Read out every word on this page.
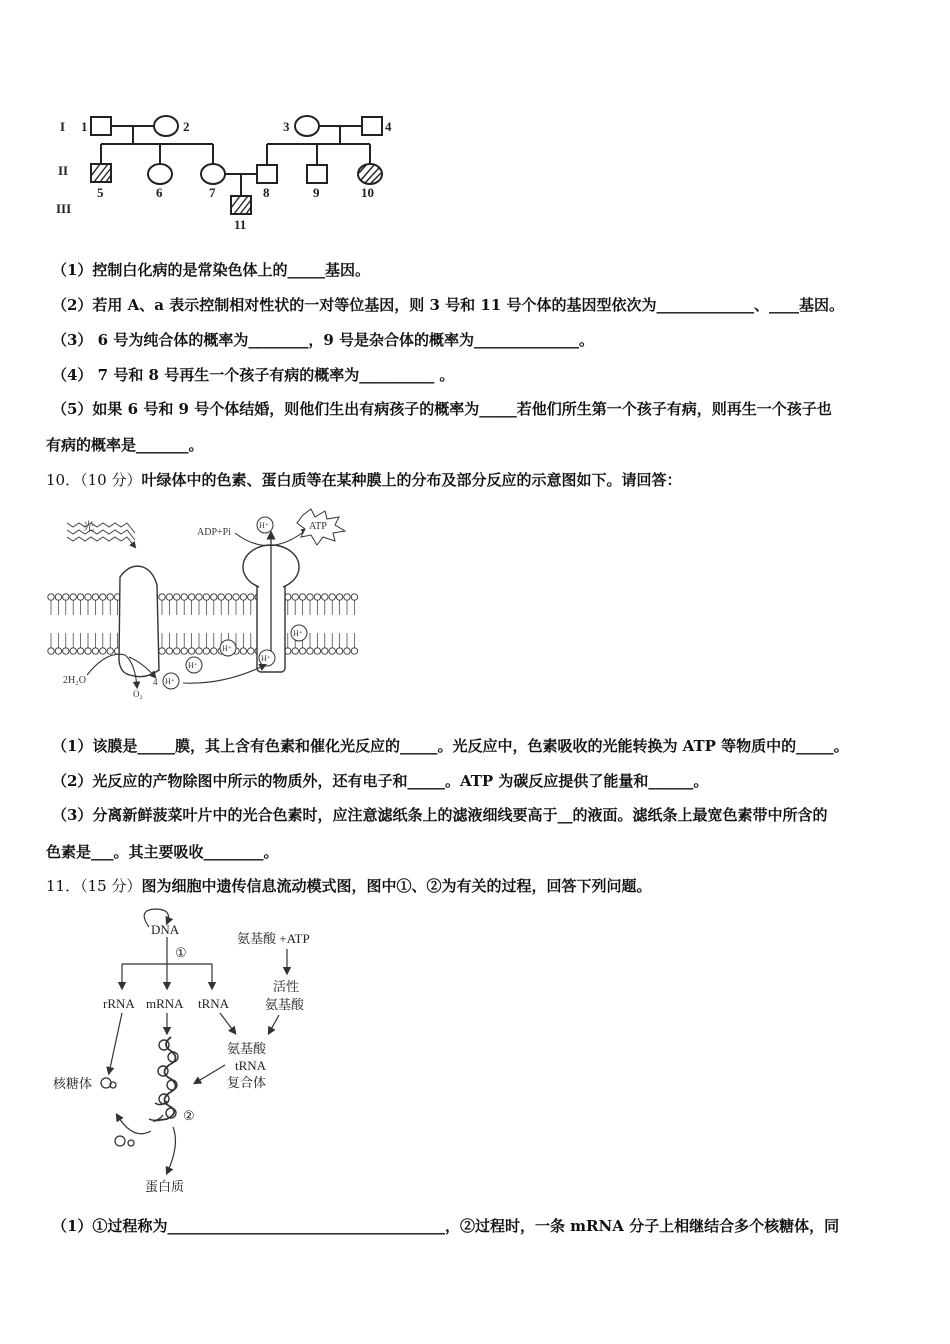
I
II
III
1	2	3	4
5	6	7	8	9	10
11
（1）控制白化病的是常染色体上的_____基因。
（2）若用 A、a 表示控制相对性状的一对等位基因，则 3 号和 11 号个体的基因型依次为_____________、____基因。
（3） 6 号为纯合体的概率为________，9 号是杂合体的概率为______________。
（4） 7 号和 8 号再生一个孩子有病的概率为__________ 。
（5）如果 6 号和 9 号个体结婚，则他们生出有病孩子的概率为_____若他们所生第一个孩子有病，则再生一个孩子也
有病的概率是_______。
10．（10 分）叶绿体中的色素、蛋白质等在某种膜上的分布及部分反应的示意图如下。请回答：
光	ADP+Pi
ATP
H⁺
H⁺
H⁺
H⁺
H⁺
H⁺
2H₂O
O₂
4
（1）该膜是_____膜，其上含有色素和催化光反应的_____。光反应中，色素吸收的光能转换为 ATP 等物质中的_____。
（2）光反应的产物除图中所示的物质外，还有电子和_____。ATP 为碳反应提供了能量和______。
（3）分离新鲜菠菜叶片中的光合色素时，应注意滤纸条上的滤液细线要高于__的液面。滤纸条上最宽色素带中所含的
色素是___。其主要吸收________。
11．（15 分）图为细胞中遗传信息流动模式图，图中①、②为有关的过程，回答下列问题。
DNA
①
氨基酸 +ATP
活性
氨基酸
rRNA mRNA tRNA
氨基酸
tRNA
复合体
核糖体
②
蛋白质
（1）①过程称为_____________________________________，②过程时，一条 mRNA 分子上相继结合多个核糖体，同
